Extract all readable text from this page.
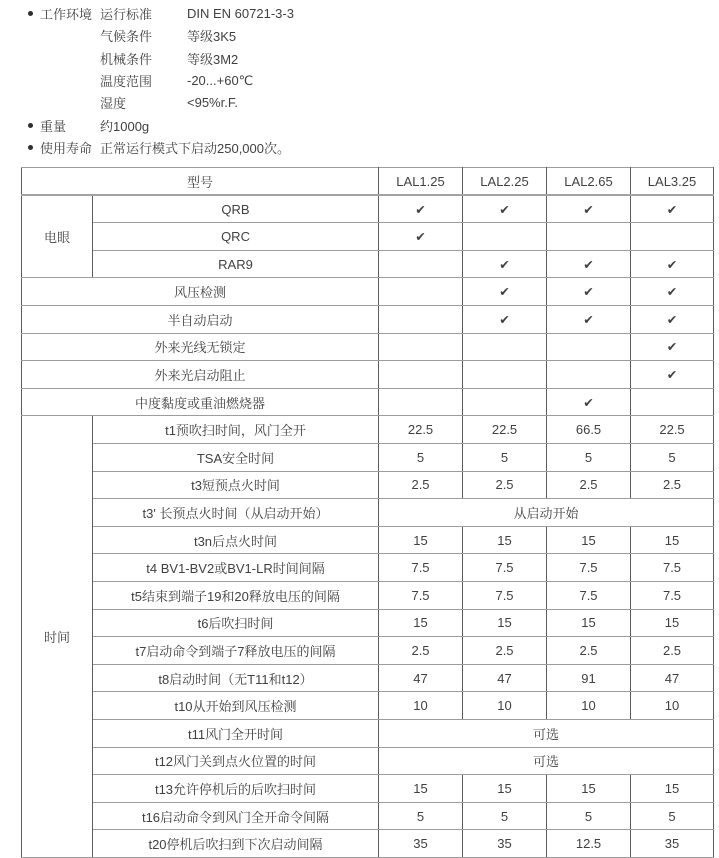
工作环境 运行标准	DIN EN 60721-3-3
气候条件	等级3K5
机械条件	等级3M2
温度范围	-20...+60℃
湿度	<95%r.F.
重量	约1000g
使用寿命 正常运行模式下启动250,000次。
型号		LAL1.25	LAL2.25	LAL2.65	LAL3.25
电眼	QRB	✔	✔	✔	✔
	QRC	✔			
	RAR9		✔	✔	✔
风压检测			✔	✔	✔
半自动启动			✔	✔	✔
外来光线无锁定					✔
外来光启动阻止					✔
中度黏度或重油燃烧器				✔	
时间	t1预吹扫时间，风门全开	22.5	22.5	66.5	22.5
	TSA安全时间	5	5	5	5
	t3短预点火时间	2.5	2.5	2.5	2.5
	t3' 长预点火时间（从启动开始）	从启动开始			
	t3n后点火时间	15	15	15	15
	t4 BV1-BV2或BV1-LR时间间隔	7.5	7.5	7.5	7.5
	t5结束到端子19和20释放电压的间隔	7.5	7.5	7.5	7.5
	t6后吹扫时间	15	15	15	15
	t7启动命令到端子7释放电压的间隔	2.5	2.5	2.5	2.5
	t8启动时间（无T11和t12）	47	47	91	47
	t10从开始到风压检测	10	10	10	10
	t11风门全开时间	可选			
	t12风门关到点火位置的时间	可选			
	t13允许停机后的后吹扫时间	15	15	15	15
	t16启动命令到风门全开命令间隔	5	5	5	5
	t20停机后吹扫到下次启动间隔	35	35	12.5	35
